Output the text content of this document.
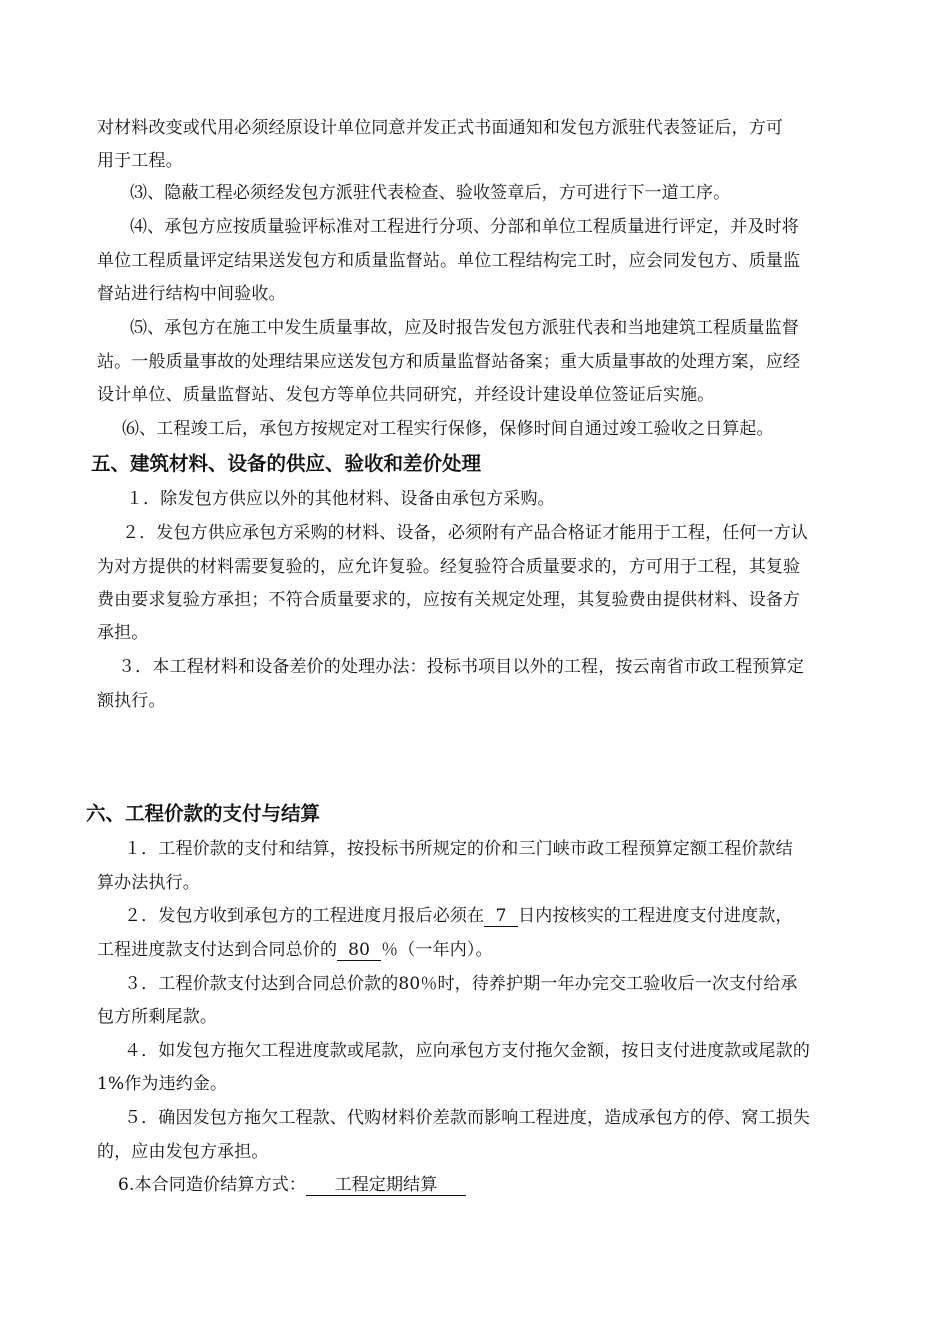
对材料改变或代用必须经原设计单位同意并发正式书面通知和发包方派驻代表签证后，方可
用于工程。
⑶、隐蔽工程必须经发包方派驻代表检查、验收签章后，方可进行下一道工序。
⑷、承包方应按质量验评标准对工程进行分项、分部和单位工程质量进行评定，并及时将
单位工程质量评定结果送发包方和质量监督站。单位工程结构完工时，应会同发包方、质量监
督站进行结构中间验收。
⑸、承包方在施工中发生质量事故，应及时报告发包方派驻代表和当地建筑工程质量监督
站。一般质量事故的处理结果应送发包方和质量监督站备案；重大质量事故的处理方案，应经
设计单位、质量监督站、发包方等单位共同研究，并经设计建设单位签证后实施。
⑹、工程竣工后，承包方按规定对工程实行保修，保修时间自通过竣工验收之日算起。
五、建筑材料、设备的供应、验收和差价处理
１．除发包方供应以外的其他材料、设备由承包方采购。
２．发包方供应承包方采购的材料、设备，必须附有产品合格证才能用于工程，任何一方认
为对方提供的材料需要复验的，应允许复验。经复验符合质量要求的，方可用于工程，其复验
费由要求复验方承担；不符合质量要求的，应按有关规定处理，其复验费由提供材料、设备方
承担。
３．本工程材料和设备差价的处理办法：投标书项目以外的工程，按云南省市政工程预算定
额执行。
六、工程价款的支付与结算
１．工程价款的支付和结算，按投标书所规定的价和三门峡市政工程预算定额工程价款结
算办法执行。
２．发包方收到承包方的工程进度月报后必须在 7 日内按核实的工程进度支付进度款，
工程进度款支付达到合同总价的 80 ％（一年内）。
３．工程价款支付达到合同总价款的80％时，待养护期一年办完交工验收后一次支付给承
包方所剩尾款。
４．如发包方拖欠工程进度款或尾款，应向承包方支付拖欠金额，按日支付进度款或尾款的
1%作为违约金。
５．确因发包方拖欠工程款、代购材料价差款而影响工程进度，造成承包方的停、窝工损失
的，应由发包方承担。
6.本合同造价结算方式： 工程定期结算
